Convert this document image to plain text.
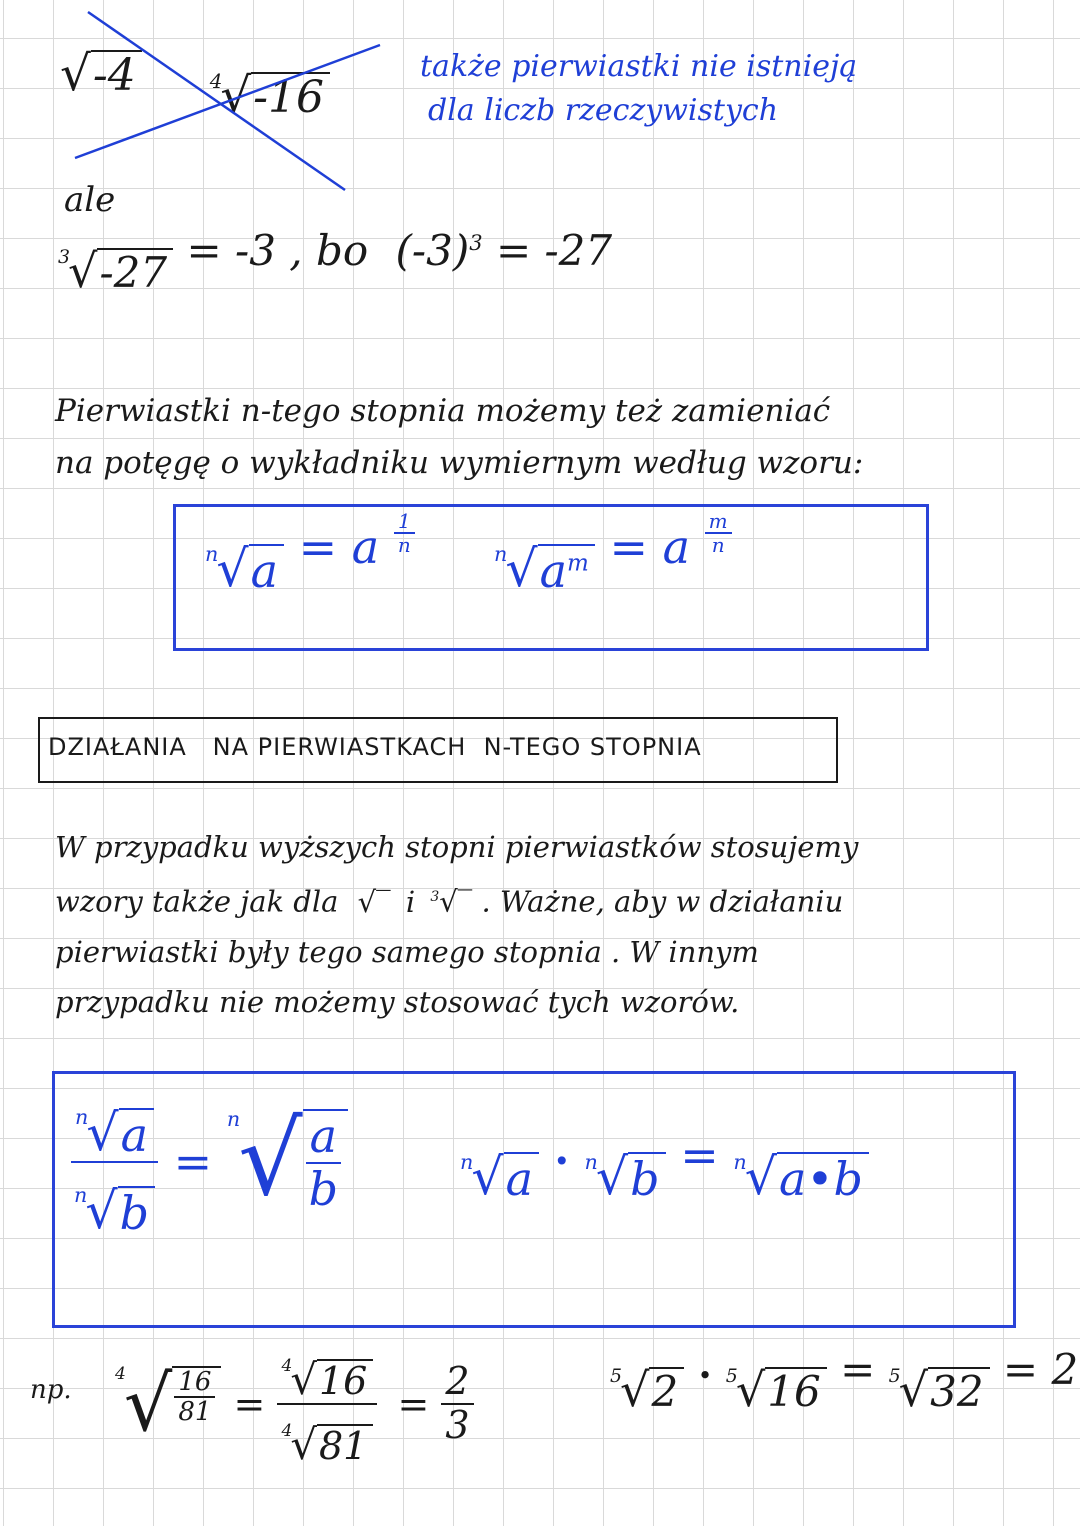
√ -4
	4
√ -16
także pierwiastki nie istnieją
dla liczb rzeczywistych
ale
3
√ -27 = -3 , bo $(-3)^3 = -27$
Pierwiastki n-tego stopnia możemy też zamieniać
na potęgę o wykładniku wymiernym według wzoru:
n
√ a = a $\frac{1}{n}$
	n
√ $a^m = a \frac{m}{n}$
DZIAŁANIA   NA PIERWIASTKACH  N-TEGO STOPNIA
W przypadku wyższych stopni pierwiastków stosujemy
wzory także jak dla √‾ i $^3$√‾ . Ważne, aby w działaniu
pierwiastki były tego samego stopnia . W innym
przypadku nie możemy stosować tych wzorów.
n
√ a
n
√ b =
n
√ $\frac{a}{b}$	n
√ a • n
√ b = n
√ a•b
np.
4
√ $\frac{16}{81} = 4$
√ 16
4
√ $81 = \frac{2}{3}$	5
√ 2 • 5
√ 16 = 5
√ 32 = 2
